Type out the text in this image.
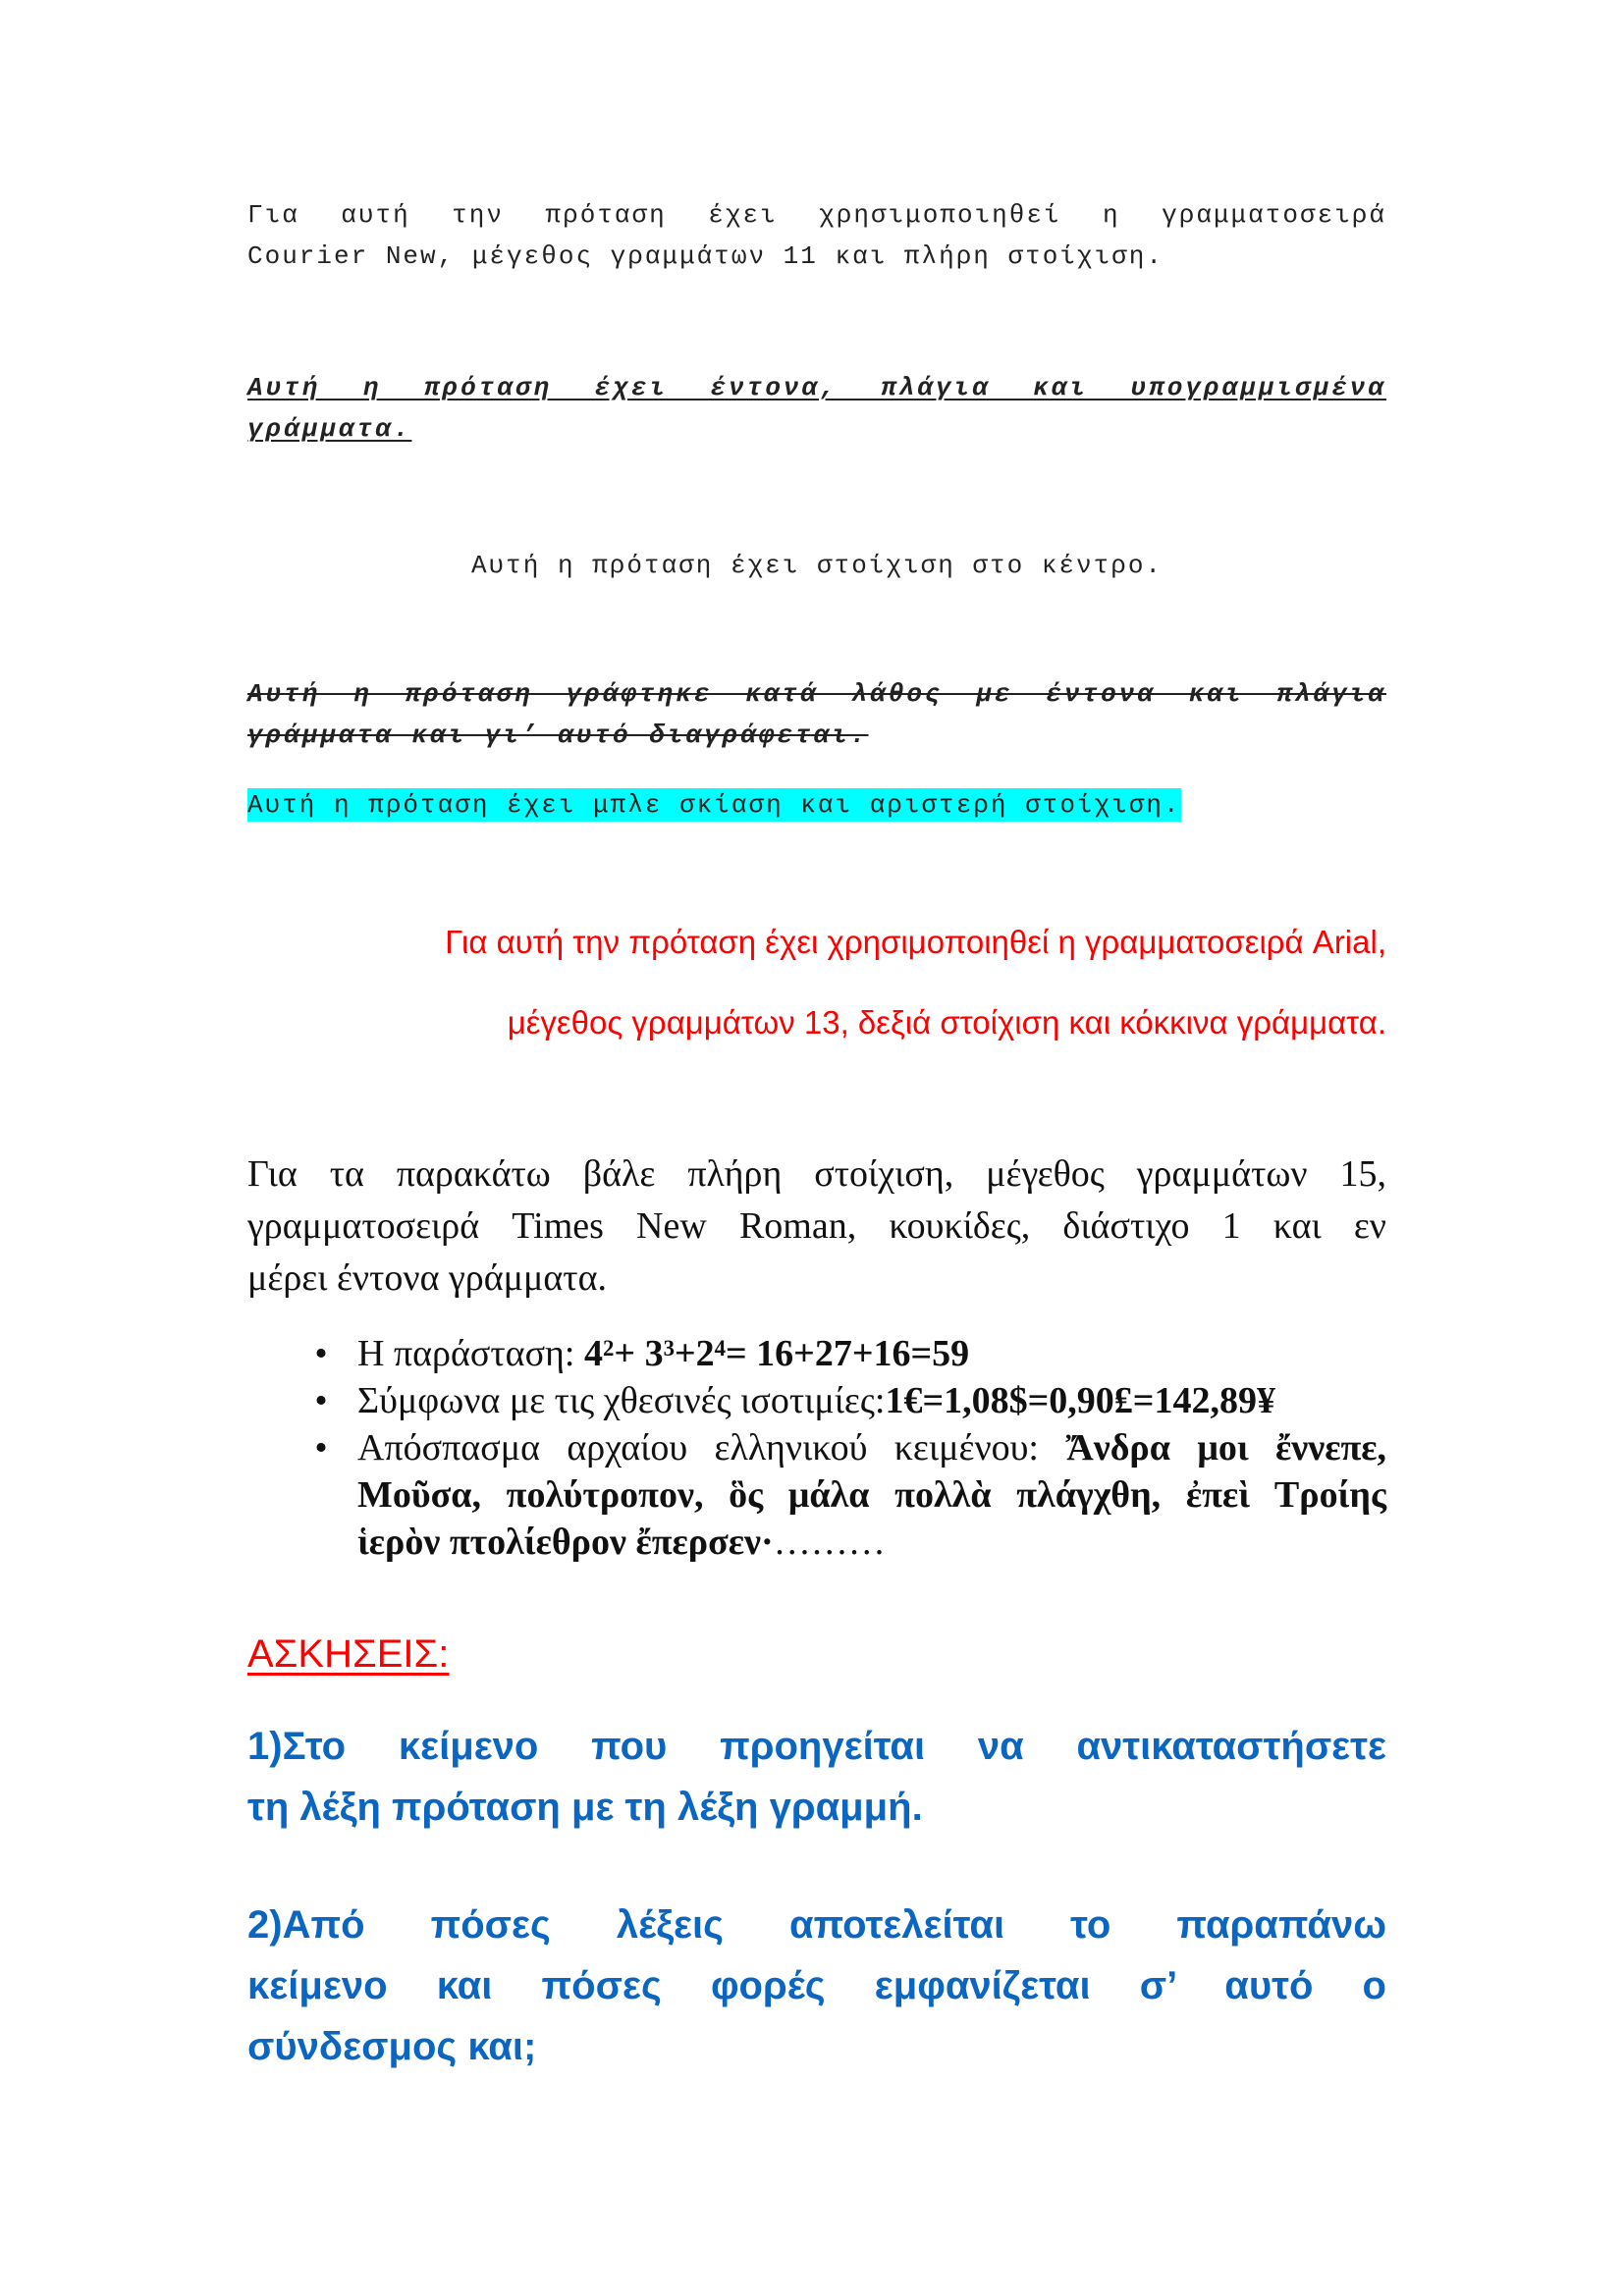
Για αυτή την πρόταση έχει χρησιμοποιηθεί η γραμματοσειρά
Courier New, μέγεθος γραμμάτων 11 και πλήρη στοίχιση.
Αυτή η πρόταση έχει έντονα, πλάγια και υπογραμμισμένα
γράμματα.
Αυτή η πρόταση έχει στοίχιση στο κέντρο.
Αυτή η πρόταση γράφτηκε κατά λάθος με έντονα και πλάγια
γράμματα και γι’ αυτό διαγράφεται.
Αυτή η πρόταση έχει μπλε σκίαση και αριστερή στοίχιση.
Για αυτή την πρόταση έχει χρησιμοποιηθεί η γραμματοσειρά Arial,
μέγεθος γραμμάτων 13, δεξιά στοίχιση και κόκκινα γράμματα.
Για τα παρακάτω βάλε πλήρη στοίχιση, μέγεθος γραμμάτων 15,
γραμματοσειρά Times New Roman, κουκίδες, διάστιχο 1 και εν
μέρει έντονα γράμματα.
• Η παράσταση: $4^2+ 3^3+2^4= 16+27+16=59$
• Σύμφωνα με τις χθεσινές ισοτιμίες:1€=1,08$=0,90₤=142,89¥
• Απόσπασμα αρχαίου ελληνικού κειμένου: Ἄνδρα μοι ἔννεπε,
Μοῦσα, πολύτροπον, ὃς μάλα πολλὰ πλάγχθη, ἐπεὶ Τροίης
ἱερὸν πτολίεθρον ἔπερσεν·………
ΑΣΚΗΣΕΙΣ:
1)Στο κείμενο που προηγείται να αντικαταστήσετε
τη λέξη πρόταση με τη λέξη γραμμή.
2)Από πόσες λέξεις αποτελείται το παραπάνω
κείμενο και πόσες φορές εμφανίζεται σ’ αυτό ο
σύνδεσμος και;
